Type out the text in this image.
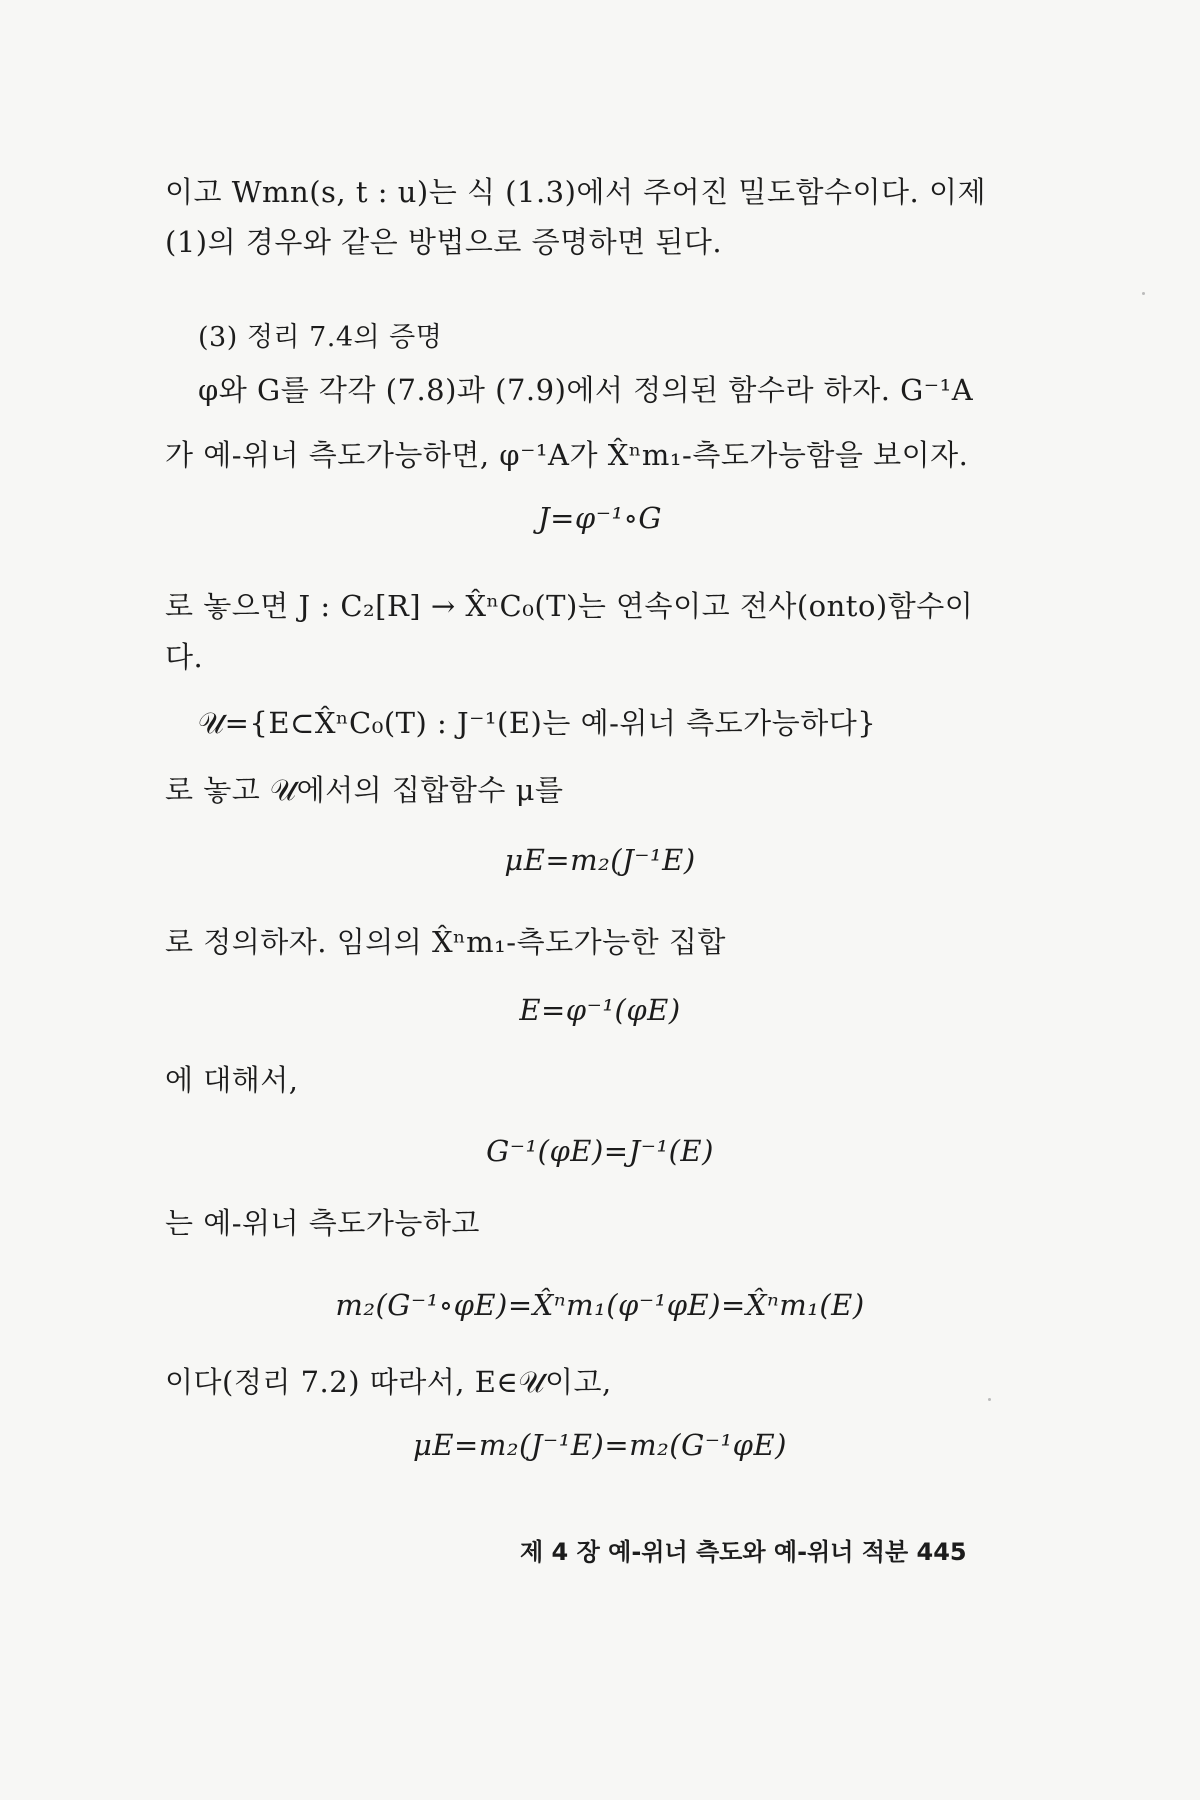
이고 Wmn(s, t : u)는 식 (1.3)에서 주어진 밀도함수이다. 이제
(1)의 경우와 같은 방법으로 증명하면 된다.
(3) 정리 7.4의 증명
φ와 G를 각각 (7.8)과 (7.9)에서 정의된 함수라 하자. G⁻¹A
가 예-위너 측도가능하면, φ⁻¹A가 X̂ⁿm₁-측도가능함을 보이자.
J=φ⁻¹∘G
로 놓으면 J : C₂[R] → X̂ⁿC₀(T)는 연속이고 전사(onto)함수이
다.
𝒰={E⊂X̂ⁿC₀(T) : J⁻¹(E)는 예-위너 측도가능하다}
로 놓고 𝒰에서의 집합함수 μ를
μE=m₂(J⁻¹E)
로 정의하자. 임의의 X̂ⁿm₁-측도가능한 집합
E=φ⁻¹(φE)
에 대해서,
G⁻¹(φE)=J⁻¹(E)
는 예-위너 측도가능하고
m₂(G⁻¹∘φE)=X̂ⁿm₁(φ⁻¹φE)=X̂ⁿm₁(E)
이다(정리 7.2) 따라서, E∈𝒰이고,
μE=m₂(J⁻¹E)=m₂(G⁻¹φE)
제 4 장 예-위너 측도와 예-위너 적분 445
